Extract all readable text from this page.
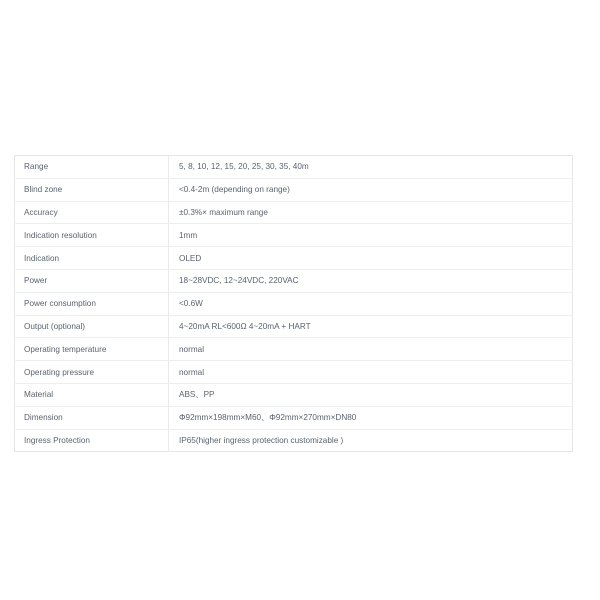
Range	5, 8, 10, 12, 15, 20, 25, 30, 35, 40m
Blind zone	<0.4-2m (depending on range)
Accuracy	±0.3%× maximum range
Indication resolution	1mm
Indication	OLED
Power	18~28VDC, 12~24VDC, 220VAC
Power consumption	<0.6W
Output (optional)	4~20mA RL<600Ω 4~20mA + HART
Operating temperature	normal
Operating pressure	normal
Material	ABS、PP
Dimension	Φ92mm×198mm×M60、Φ92mm×270mm×DN80
Ingress Protection	IP65(higher ingress protection customizable )
